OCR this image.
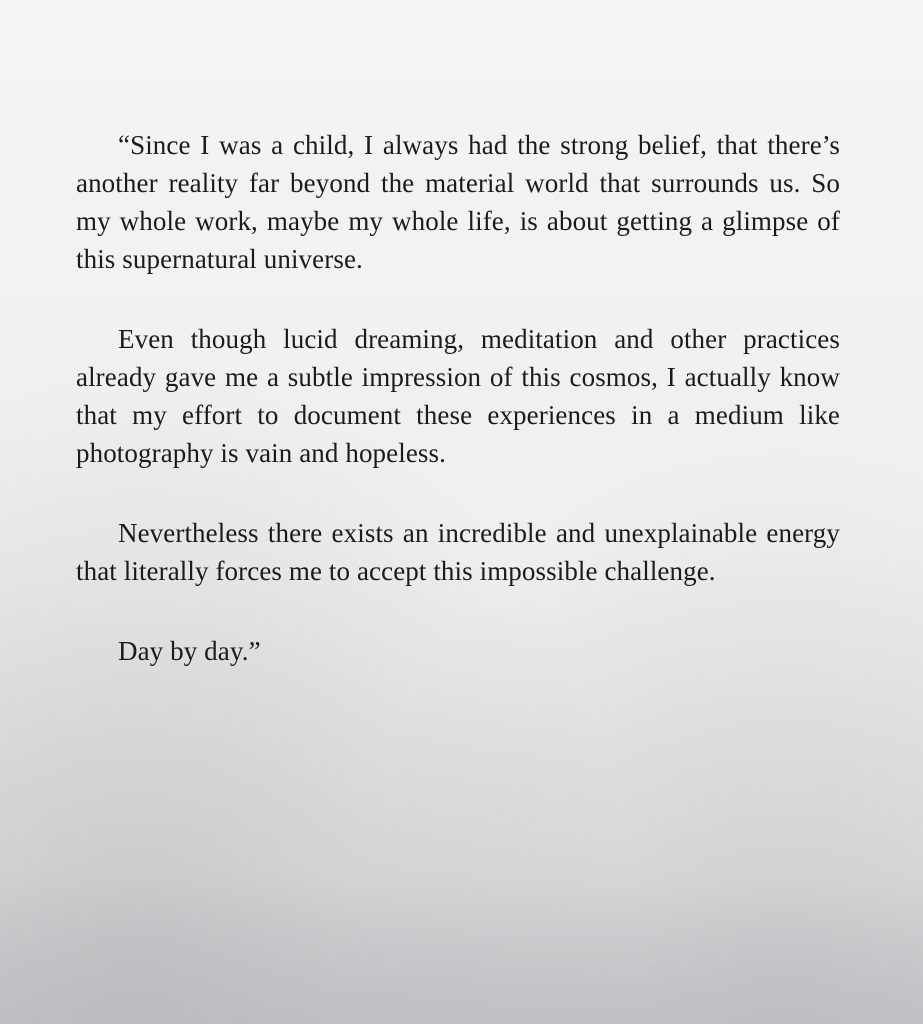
“Since I was a child, I always had the strong belief, that there’s another reality far beyond the material world that surrounds us. So my whole work, maybe my whole life, is about getting a glimpse of this supernatural universe.

Even though lucid dreaming, meditation and other practices already gave me a subtle impression of this cosmos, I actually know that my effort to document these experiences in a medium like photography is vain and hopeless.

Nevertheless there exists an incredible and unexplainable energy that literally forces me to accept this impossible challenge.

Day by day.”
